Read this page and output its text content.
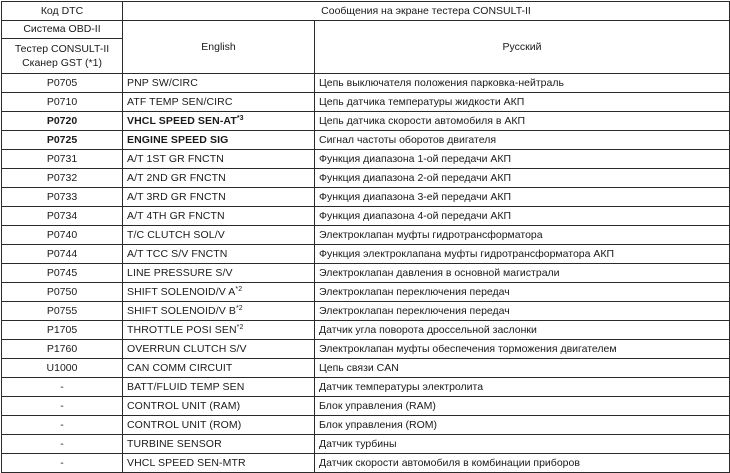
Код DTC	Сообщения на экране тестера CONSULT-II	
Система OBD-II	English	Русский
Тестер CONSULT-II
Сканер GST (*1)		
P0705	PNP SW/CIRC	Цепь выключателя положения парковка-нейтраль
P0710	ATF TEMP SEN/CIRC	Цепь датчика температуры жидкости АКП
P0720	VHCL SPEED SEN-AT$^{*3}$	Цепь датчика скорости автомобиля в АКП
P0725	ENGINE SPEED SIG	Сигнал частоты оборотов двигателя
P0731	A/T 1ST GR FNCTN	Функция диапазона 1-ой передачи АКП
P0732	A/T 2ND GR FNCTN	Функция диапазона 2-ой передачи АКП
P0733	A/T 3RD GR FNCTN	Функция диапазона 3-ей передачи АКП
P0734	A/T 4TH GR FNCTN	Функция диапазона 4-ой передачи АКП
P0740	T/C CLUTCH SOL/V	Электроклапан муфты гидротрансформатора
P0744	A/T TCC S/V FNCTN	Функция электроклапана муфты гидротрансформатора АКП
P0745	LINE PRESSURE S/V	Электроклапан давления в основной магистрали
P0750	SHIFT SOLENOID/V $A^{*2}$	Электроклапан переключения передач
P0755	SHIFT SOLENOID/V $B^{*2}$	Электроклапан переключения передач
P1705	THROTTLE POSI SEN$^{*2}$	Датчик угла поворота дроссельной заслонки
P1760	OVERRUN CLUTCH S/V	Электроклапан муфты обеспечения торможения двигателем
U1000	CAN COMM CIRCUIT	Цепь связи CAN
-	BATT/FLUID TEMP SEN	Датчик температуры электролита
-	CONTROL UNIT (RAM)	Блок управления (RAM)
-	CONTROL UNIT (ROM)	Блок управления (ROM)
-	TURBINE SENSOR	Датчик турбины
-	VHCL SPEED SEN-MTR	Датчик скорости автомобиля в комбинации приборов
